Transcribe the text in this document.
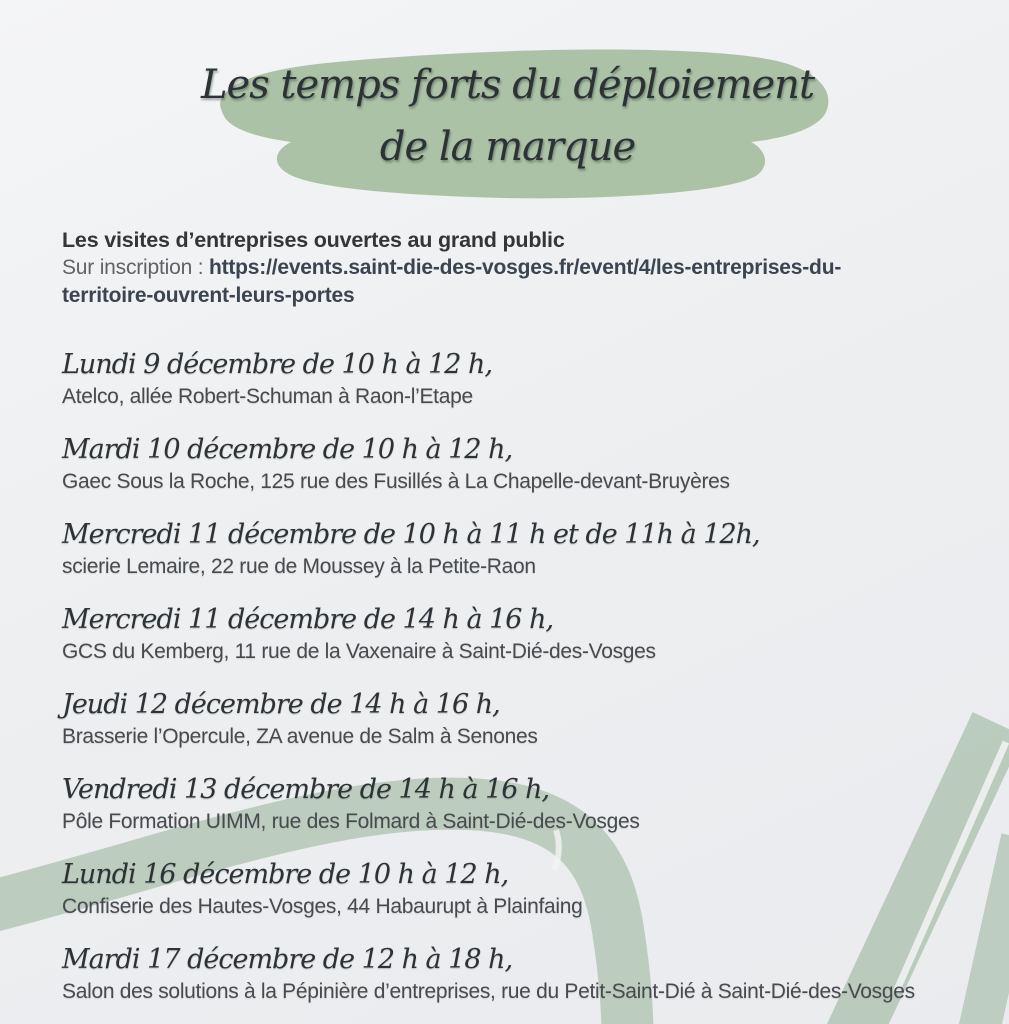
Les temps forts du déploiement
de la marque
Les visites d’entreprises ouvertes au grand public
Sur inscription : https://events.saint-die-des-vosges.fr/event/4/les-entreprises-du-
territoire-ouvrent-leurs-portes
Lundi 9 décembre de 10 h à 12 h,
Atelco, allée Robert-Schuman à Raon-l’Etape
Mardi 10 décembre de 10 h à 12 h,
Gaec Sous la Roche, 125 rue des Fusillés à La Chapelle-devant-Bruyères
Mercredi 11 décembre de 10 h à 11 h et de 11h à 12h,
scierie Lemaire, 22 rue de Moussey à la Petite-Raon
Mercredi 11 décembre de 14 h à 16 h,
GCS du Kemberg, 11 rue de la Vaxenaire à Saint-Dié-des-Vosges
Jeudi 12 décembre de 14 h à 16 h,
Brasserie l’Opercule, ZA avenue de Salm à Senones
Vendredi 13 décembre de 14 h à 16 h,
Pôle Formation UIMM, rue des Folmard à Saint-Dié-des-Vosges
Lundi 16 décembre de 10 h à 12 h,
Confiserie des Hautes-Vosges, 44 Habaurupt à Plainfaing
Mardi 17 décembre de 12 h à 18 h,
Salon des solutions à la Pépinière d’entreprises, rue du Petit-Saint-Dié à Saint-Dié-des-Vosges
